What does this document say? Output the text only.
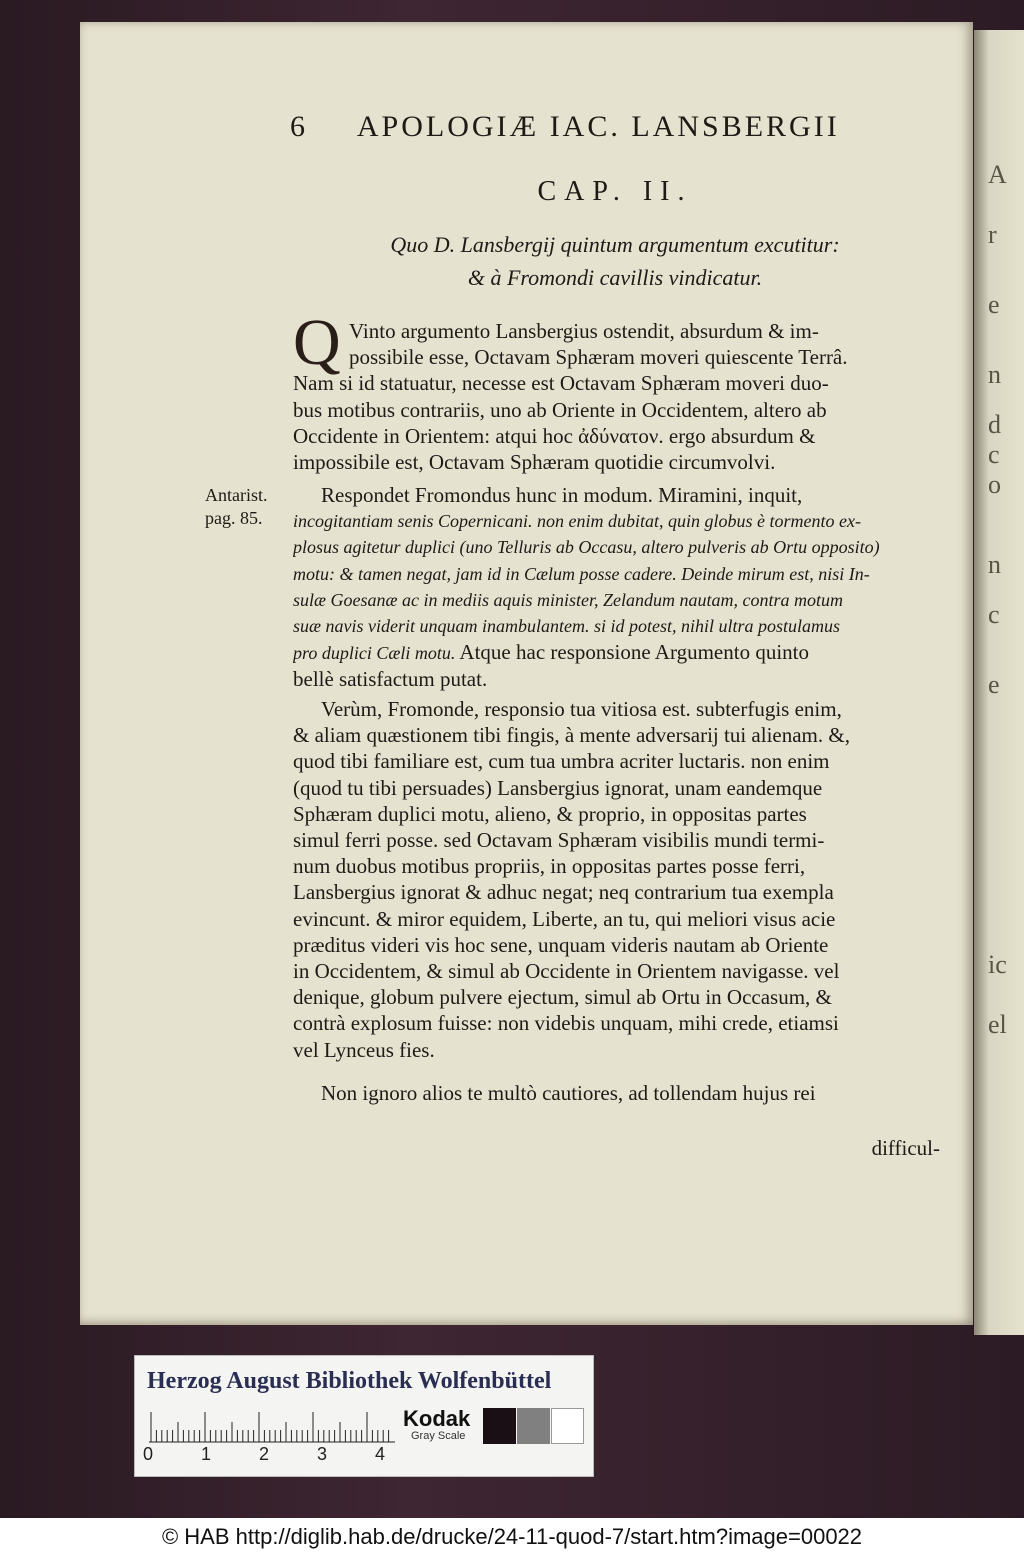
A
r
e
n
d
c
o
n
c
e
ic
el
6 APOLOGIÆ IAC. LANSBERGII
CAP. II.
Quo D. Lansbergij quintum argumentum excutitur:
& à Fromondi cavillis vindicatur.
Q Vinto argumento Lansbergius ostendit, absurdum & im-
possibile esse, Octavam Sphæram moveri quiescente Terrâ.
Nam si id statuatur, necesse est Octavam Sphæram moveri duo-
bus motibus contrariis, uno ab Oriente in Occidentem, altero ab
Occidente in Orientem: atqui hoc ἀδύνατον. ergo absurdum &
impossibile est, Octavam Sphæram quotidie circumvolvi.
Antarist.
pag. 85.
Respondet Fromondus hunc in modum. Miramini, inquit,
incogitantiam senis Copernicani. non enim dubitat, quin globus è tormento ex-
plosus agitetur duplici (uno Telluris ab Occasu, altero pulveris ab Ortu opposito)
motu: & tamen negat, jam id in Cælum posse cadere. Deinde mirum est, nisi In-
sulæ Goesanæ ac in mediis aquis minister, Zelandum nautam, contra motum
suæ navis viderit unquam inambulantem. si id potest, nihil ultra postulamus
pro duplici Cæli motu. Atque hac responsione Argumento quinto
bellè satisfactum putat.
Verùm, Fromonde, responsio tua vitiosa est. subterfugis enim,
& aliam quæstionem tibi fingis, à mente adversarij tui alienam. &,
quod tibi familiare est, cum tua umbra acriter luctaris. non enim
(quod tu tibi persuades) Lansbergius ignorat, unam eandemque
Sphæram duplici motu, alieno, & proprio, in oppositas partes
simul ferri posse. sed Octavam Sphæram visibilis mundi termi-
num duobus motibus propriis, in oppositas partes posse ferri,
Lansbergius ignorat & adhuc negat; neq contrarium tua exempla
evincunt. & miror equidem, Liberte, an tu, qui meliori visus acie
præditus videri vis hoc sene, unquam videris nautam ab Oriente
in Occidentem, & simul ab Occidente in Orientem navigasse. vel
denique, globum pulvere ejectum, simul ab Ortu in Occasum, &
contrà explosum fuisse: non videbis unquam, mihi crede, etiamsi
vel Lynceus fies.
Non ignoro alios te multò cautiores, ad tollendam hujus rei
difficul-
Herzog August Bibliothek Wolfenbüttel
0	1	2	3	4
Kodak
Gray Scale
© HAB http://diglib.hab.de/drucke/24-11-quod-7/start.htm?image=00022
